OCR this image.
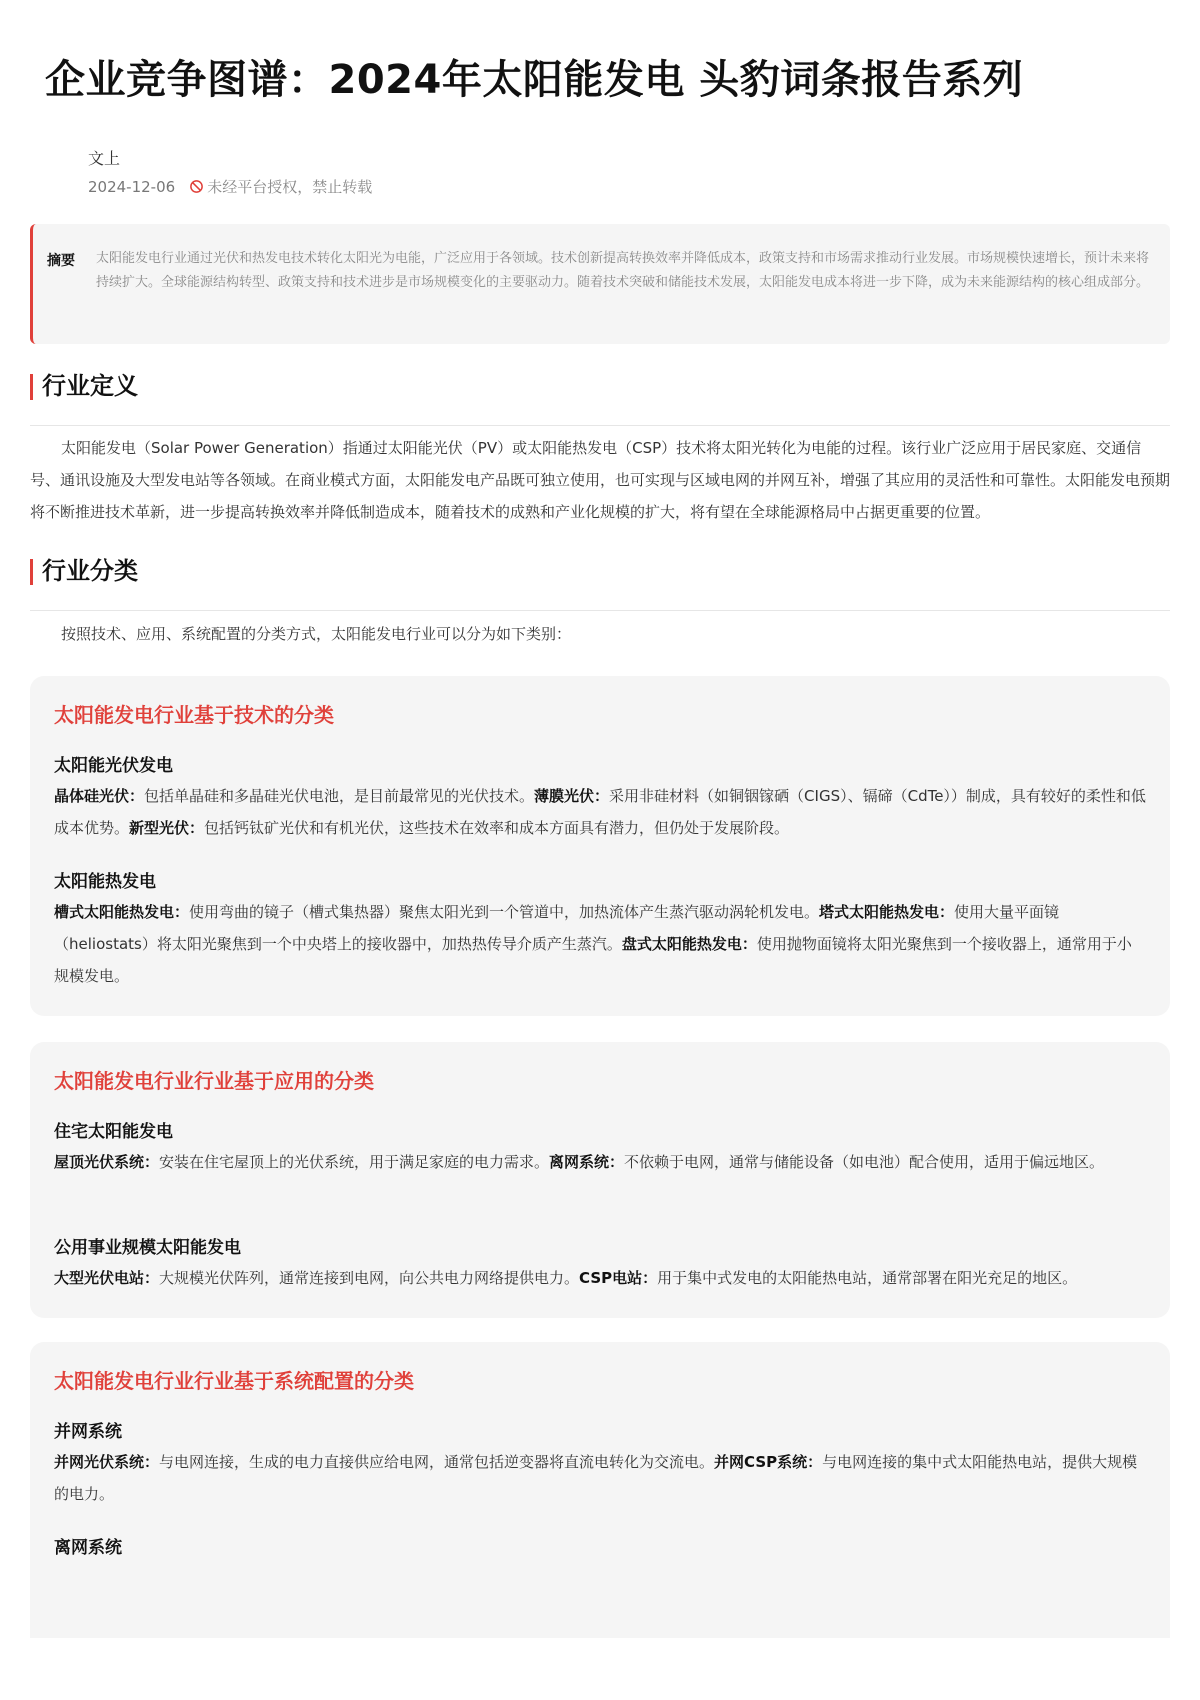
企业竞争图谱：2024年太阳能发电 头豹词条报告系列
文上
2024-12-06 未经平台授权，禁止转载
摘要 太阳能发电行业通过光伏和热发电技术转化太阳光为电能，广泛应用于各领域。技术创新提高转换效率并降低成本，政策支持和市场需求推动行业发展。市场规模快速增长，预计未来将持续扩大。全球能源结构转型、政策支持和技术进步是市场规模变化的主要驱动力。随着技术突破和储能技术发展，太阳能发电成本将进一步下降，成为未来能源结构的核心组成部分。
行业定义

太阳能发电（Solar Power Generation）指通过太阳能光伏（PV）或太阳能热发电（CSP）技术将太阳光转化为电能的过程。该行业广泛应用于居民家庭、交通信号、通讯设施及大型发电站等各领域。在商业模式方面，太阳能发电产品既可独立使用，也可实现与区域电网的并网互补，增强了其应用的灵活性和可靠性。太阳能发电预期将不断推进技术革新，进一步提高转换效率并降低制造成本，随着技术的成熟和产业化规模的扩大，将有望在全球能源格局中占据更重要的位置。

行业分类

按照技术、应用、系统配置的分类方式，太阳能发电行业可以分为如下类别：

太阳能发电行业基于技术的分类
太阳能光伏发电

晶体硅光伏：包括单晶硅和多晶硅光伏电池，是目前最常见的光伏技术。薄膜光伏：采用非硅材料（如铜铟镓硒（CIGS）、镉碲（CdTe））制成，具有较好的柔性和低成本优势。新型光伏：包括钙钛矿光伏和有机光伏，这些技术在效率和成本方面具有潜力，但仍处于发展阶段。

太阳能热发电

槽式太阳能热发电：使用弯曲的镜子（槽式集热器）聚焦太阳光到一个管道中，加热流体产生蒸汽驱动涡轮机发电。塔式太阳能热发电：使用大量平面镜（heliostats）将太阳光聚焦到一个中央塔上的接收器中，加热热传导介质产生蒸汽。盘式太阳能热发电：使用抛物面镜将太阳光聚焦到一个接收器上，通常用于小规模发电。

太阳能发电行业行业基于应用的分类
住宅太阳能发电

屋顶光伏系统：安装在住宅屋顶上的光伏系统，用于满足家庭的电力需求。离网系统：不依赖于电网，通常与储能设备（如电池）配合使用，适用于偏远地区。

公用事业规模太阳能发电

大型光伏电站：大规模光伏阵列，通常连接到电网，向公共电力网络提供电力。CSP电站：用于集中式发电的太阳能热电站，通常部署在阳光充足的地区。

太阳能发电行业行业基于系统配置的分类
并网系统

并网光伏系统：与电网连接，生成的电力直接供应给电网，通常包括逆变器将直流电转化为交流电。并网CSP系统：与电网连接的集中式太阳能热电站，提供大规模的电力。

离网系统
